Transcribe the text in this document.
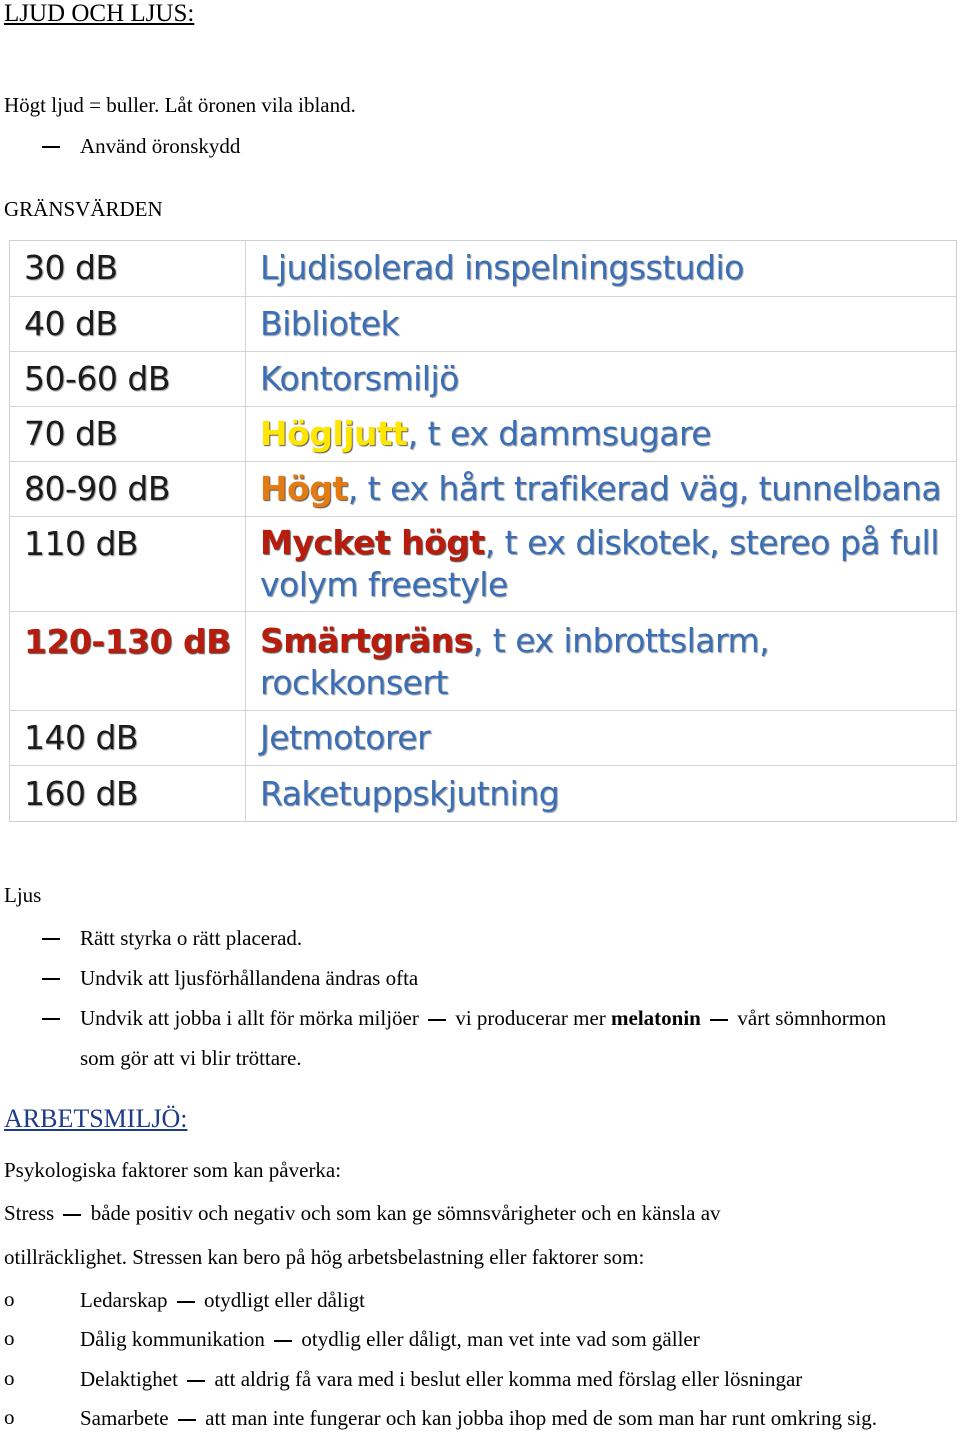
LJUD OCH LJUS:
Högt ljud = buller. Låt öronen vila ibland.
Använd öronskydd
GRÄNSVÄRDEN
30 dB	Ljudisolerad inspelningsstudio
40 dB	Bibliotek
50-60 dB	Kontorsmiljö
70 dB	Högljutt, t ex dammsugare
80-90 dB	Högt, t ex hårt trafikerad väg, tunnelbana
110 dB	Mycket högt, t ex diskotek, stereo på full volym freestyle
120-130 dB Smärtgräns, t ex inbrottslarm, rockkonsert
140 dB	Jetmotorer
160 dB	Raketuppskjutning
Ljus
Rätt styrka o rätt placerad.
Undvik att ljusförhållandena ändras ofta
Undvik att jobba i allt för mörka miljöer vi producerar mer melatonin vårt sömnhormon
som gör att vi blir tröttare.
ARBETSMILJÖ:
Psykologiska faktorer som kan påverka:
Stress både positiv och negativ och som kan ge sömnsvårigheter och en känsla av
otillräcklighet. Stressen kan bero på hög arbetsbelastning eller faktorer som:
o	Ledarskap otydligt eller dåligt
o	Dålig kommunikation otydlig eller dåligt, man vet inte vad som gäller
o	Delaktighet att aldrig få vara med i beslut eller komma med förslag eller lösningar
o	Samarbete att man inte fungerar och kan jobba ihop med de som man har runt omkring sig.
